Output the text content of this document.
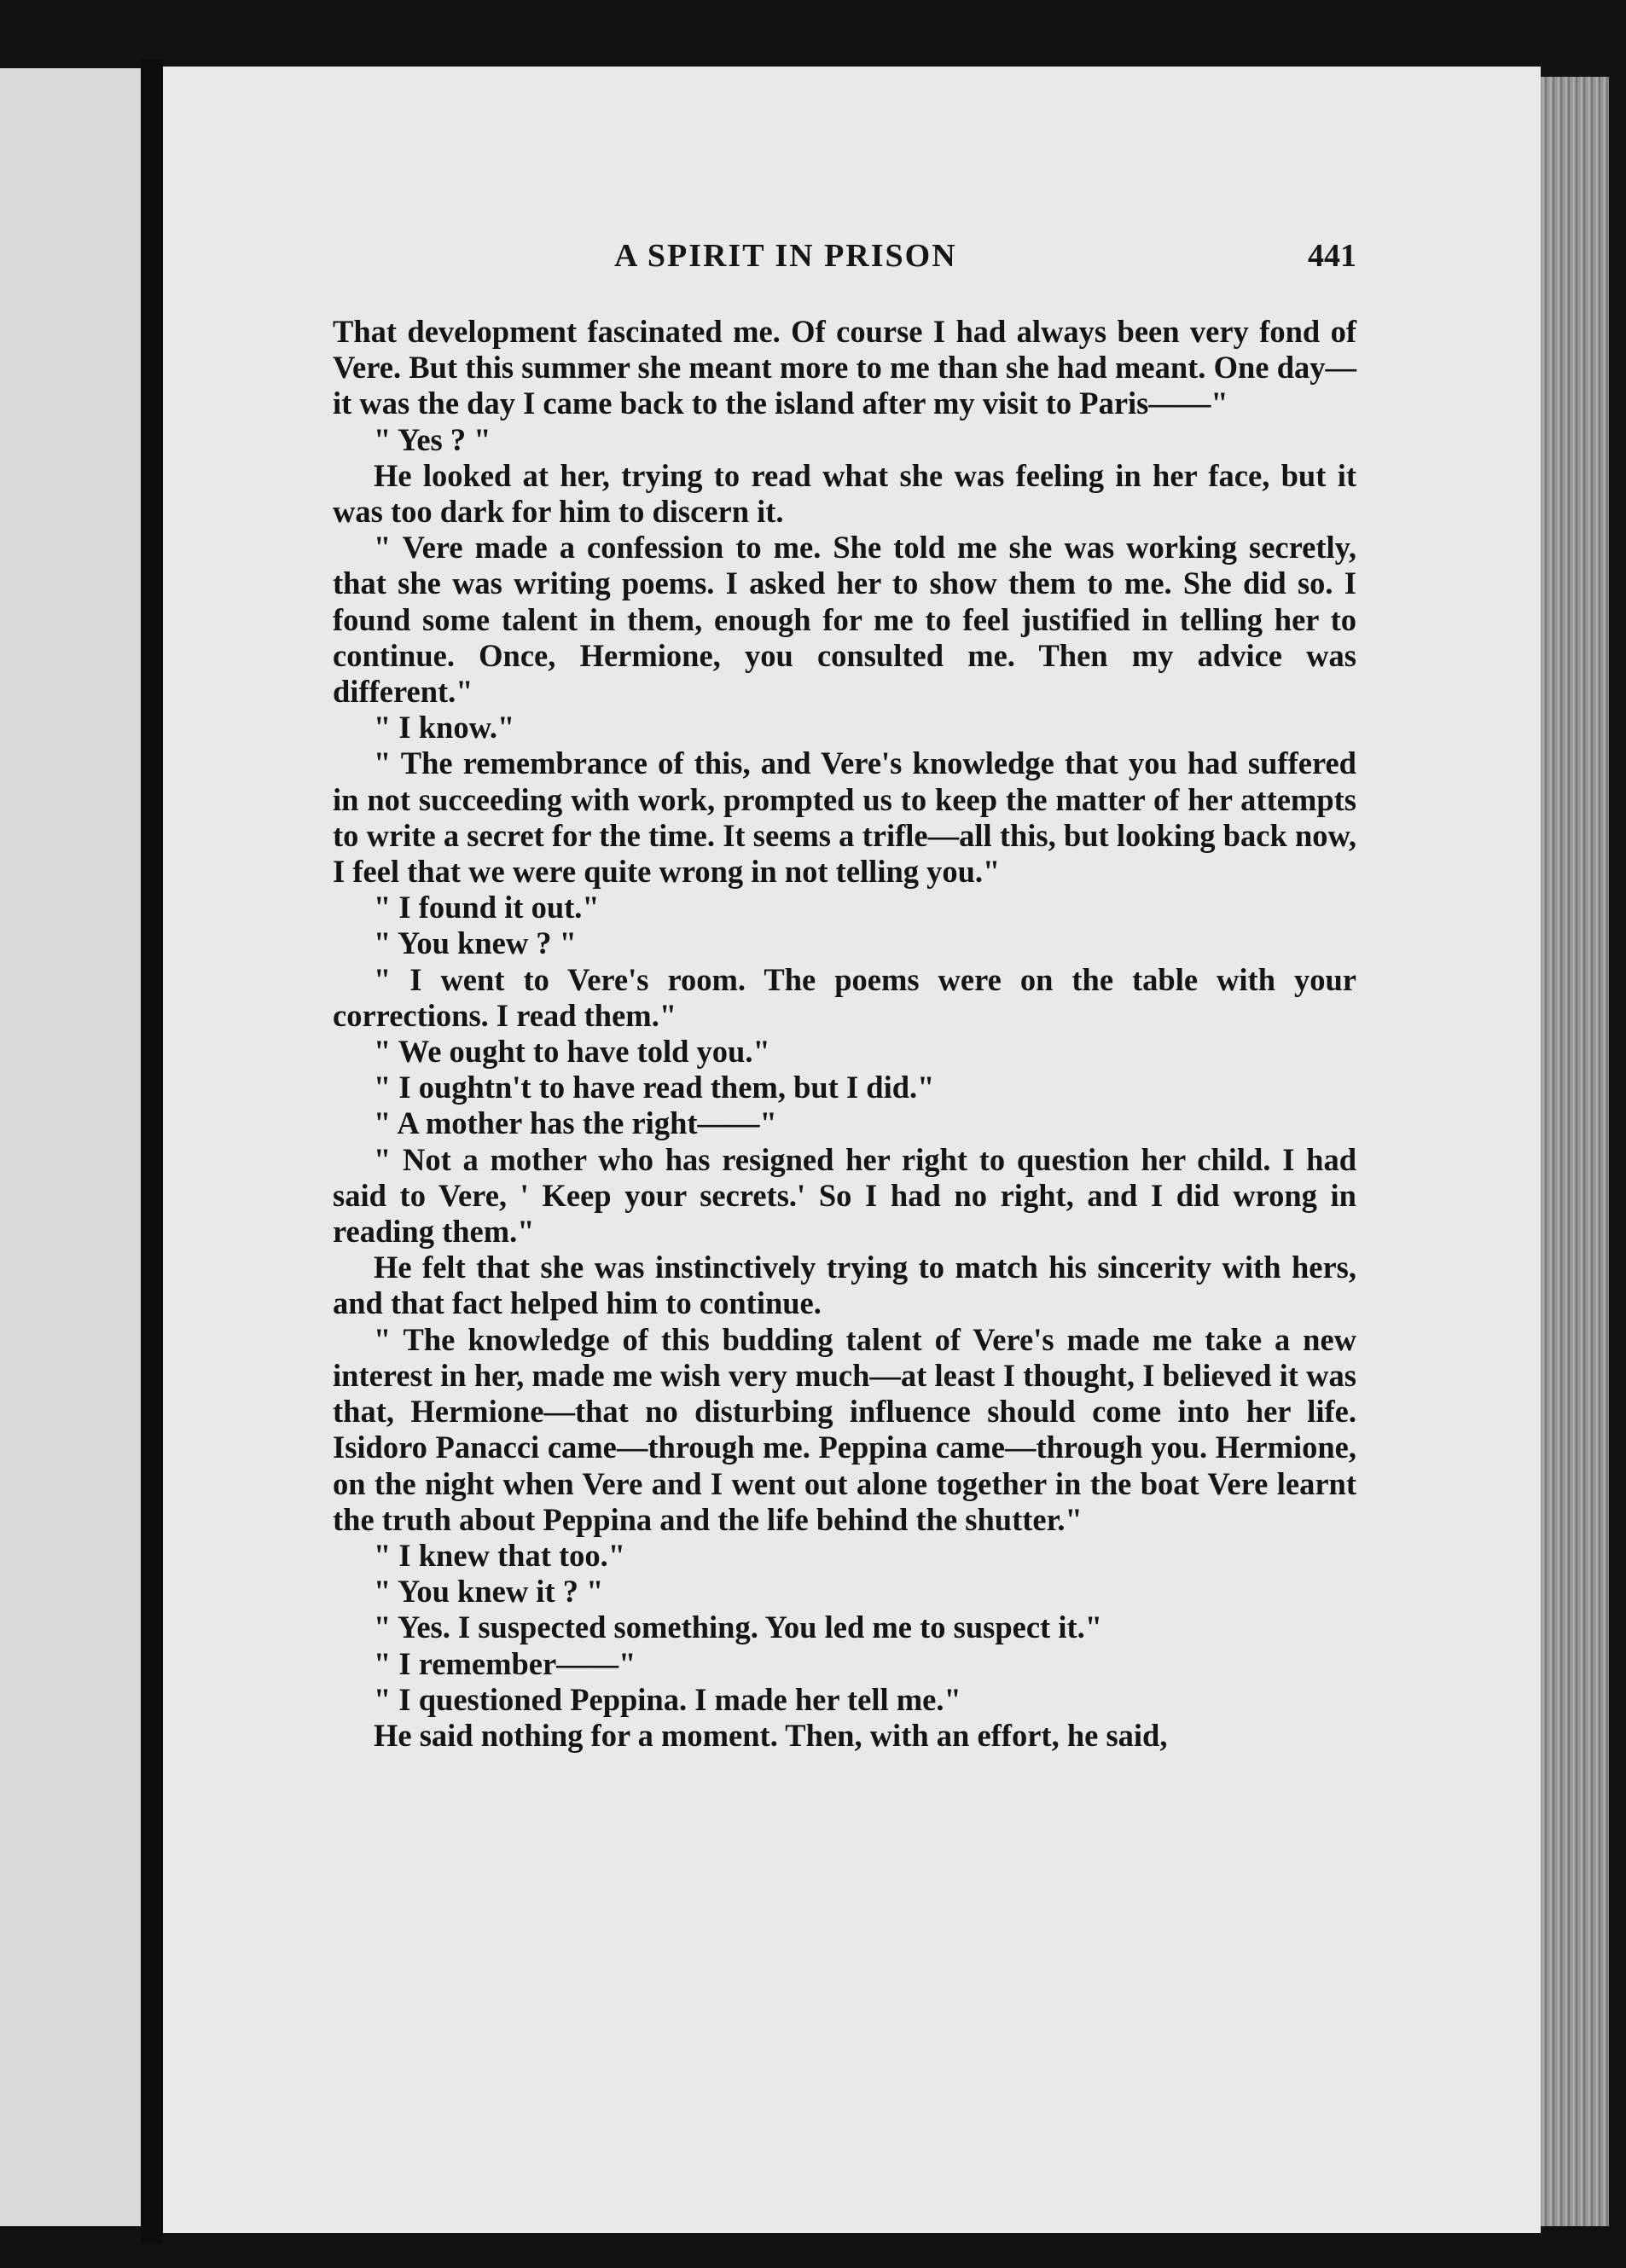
A SPIRIT IN PRISON	441

That development fascinated me. Of course I had always been very fond of Vere. But this summer she meant more to me than she had meant. One day—it was the day I came back to the island after my visit to Paris——"

" Yes ? "

He looked at her, trying to read what she was feeling in her face, but it was too dark for him to discern it.

" Vere made a confession to me. She told me she was working secretly, that she was writing poems. I asked her to show them to me. She did so. I found some talent in them, enough for me to feel justified in telling her to continue. Once, Hermione, you consulted me. Then my advice was different."

" I know."

" The remembrance of this, and Vere's knowledge that you had suffered in not succeeding with work, prompted us to keep the matter of her attempts to write a secret for the time. It seems a trifle—all this, but looking back now, I feel that we were quite wrong in not telling you."

" I found it out."

" You knew ? "

" I went to Vere's room. The poems were on the table with your corrections. I read them."

" We ought to have told you."

" I oughtn't to have read them, but I did."

" A mother has the right——"

" Not a mother who has resigned her right to question her child. I had said to Vere, ' Keep your secrets.' So I had no right, and I did wrong in reading them."

He felt that she was instinctively trying to match his sincerity with hers, and that fact helped him to continue.

" The knowledge of this budding talent of Vere's made me take a new interest in her, made me wish very much—at least I thought, I believed it was that, Hermione—that no disturbing influence should come into her life. Isidoro Panacci came—through me. Peppina came—through you. Hermione, on the night when Vere and I went out alone together in the boat Vere learnt the truth about Peppina and the life behind the shutter."

" I knew that too."

" You knew it ? "

" Yes. I suspected something. You led me to suspect it."

" I remember——"

" I questioned Peppina. I made her tell me."

He said nothing for a moment. Then, with an effort, he said,
